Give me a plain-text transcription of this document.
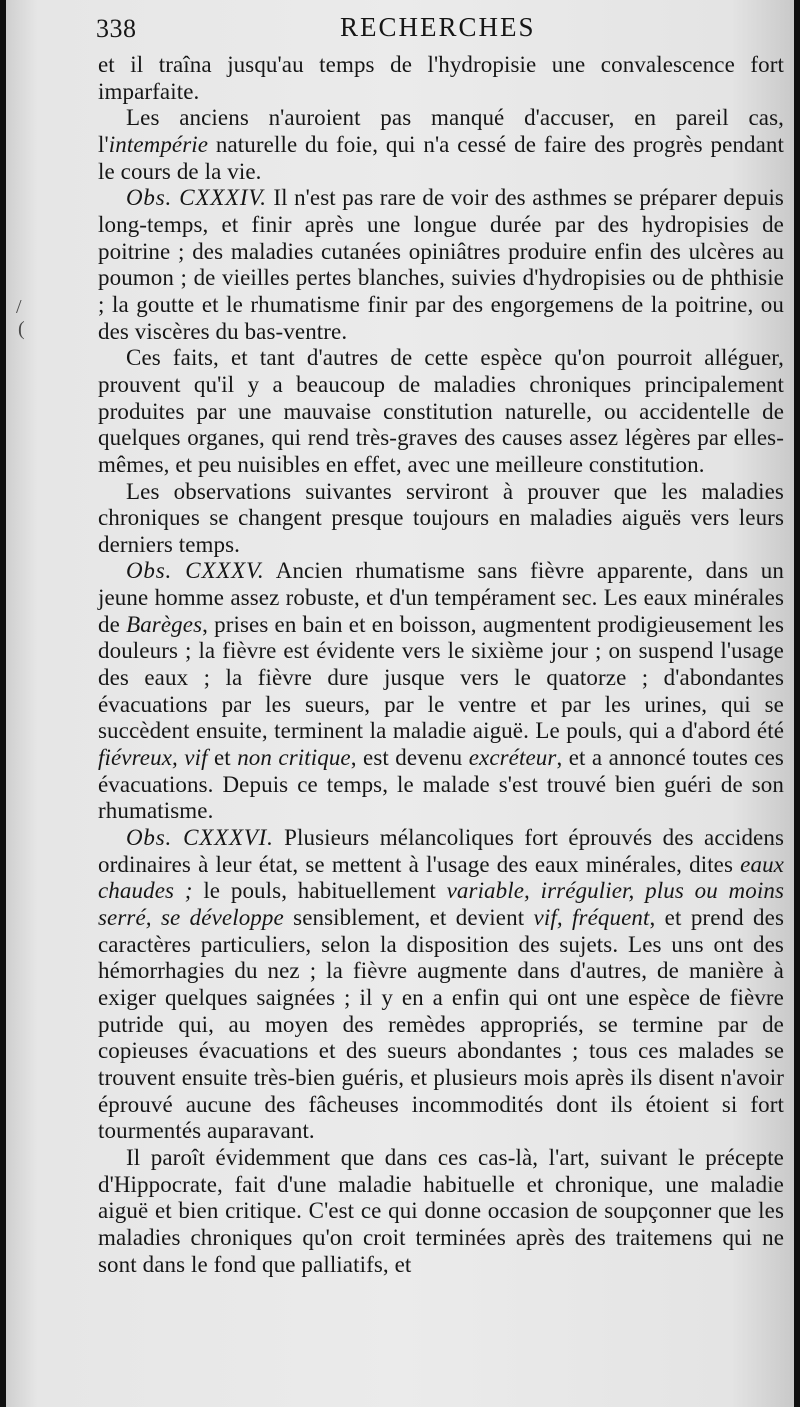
338	RECHERCHES
/
(

et il traîna jusqu'au temps de l'hydropisie une convalescence fort imparfaite.

Les anciens n'auroient pas manqué d'accuser, en pareil cas, l'intempérie naturelle du foie, qui n'a cessé de faire des progrès pendant le cours de la vie.

Obs. CXXXIV. Il n'est pas rare de voir des asthmes se préparer depuis long-temps, et finir après une longue durée par des hydropisies de poitrine ; des maladies cutanées opiniâtres produire enfin des ulcères au poumon ; de vieilles pertes blanches, suivies d'hydropisies ou de phthisie ; la goutte et le rhumatisme finir par des engorgemens de la poitrine, ou des viscères du bas-ventre.

Ces faits, et tant d'autres de cette espèce qu'on pourroit alléguer, prouvent qu'il y a beaucoup de maladies chroniques principalement produites par une mauvaise constitution naturelle, ou accidentelle de quelques organes, qui rend très-graves des causes assez légères par elles-mêmes, et peu nuisibles en effet, avec une meilleure constitution.

Les observations suivantes serviront à prouver que les maladies chroniques se changent presque toujours en maladies aiguës vers leurs derniers temps.

Obs. CXXXV. Ancien rhumatisme sans fièvre apparente, dans un jeune homme assez robuste, et d'un tempérament sec. Les eaux minérales de Barèges, prises en bain et en boisson, augmentent prodigieusement les douleurs ; la fièvre est évidente vers le sixième jour ; on suspend l'usage des eaux ; la fièvre dure jusque vers le quatorze ; d'abondantes évacuations par les sueurs, par le ventre et par les urines, qui se succèdent ensuite, terminent la maladie aiguë. Le pouls, qui a d'abord été fiévreux, vif et non critique, est devenu excréteur, et a annoncé toutes ces évacuations. Depuis ce temps, le malade s'est trouvé bien guéri de son rhumatisme.

Obs. CXXXVI. Plusieurs mélancoliques fort éprouvés des accidens ordinaires à leur état, se mettent à l'usage des eaux minérales, dites eaux chaudes ; le pouls, habituellement variable, irrégulier, plus ou moins serré, se développe sensiblement, et devient vif, fréquent, et prend des caractères particuliers, selon la disposition des sujets. Les uns ont des hémorrhagies du nez ; la fièvre augmente dans d'autres, de manière à exiger quelques saignées ; il y en a enfin qui ont une espèce de fièvre putride qui, au moyen des remèdes appropriés, se termine par de copieuses évacuations et des sueurs abondantes ; tous ces malades se trouvent ensuite très-bien guéris, et plusieurs mois après ils disent n'avoir éprouvé aucune des fâcheuses incommodités dont ils étoient si fort tourmentés auparavant.

Il paroît évidemment que dans ces cas-là, l'art, suivant le précepte d'Hippocrate, fait d'une maladie habituelle et chronique, une maladie aiguë et bien critique. C'est ce qui donne occasion de soupçonner que les maladies chroniques qu'on croit terminées après des traitemens qui ne sont dans le fond que palliatifs, et
